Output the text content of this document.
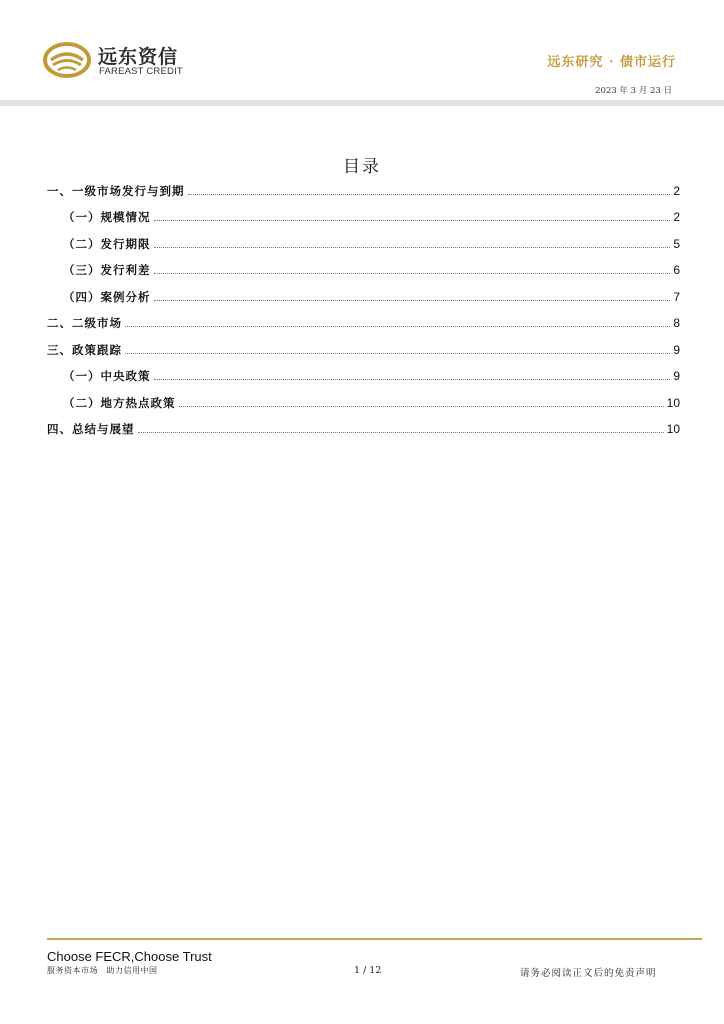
远东资信
FAREAST CREDIT
远东研究 · 债市运行
2023 年 3 月 23 日
目录
一、一级市场发行与到期	2
（一）规模情况	2
（二）发行期限	5
（三）发行利差	6
（四）案例分析	7
二、二级市场	8
三、政策跟踪	9
（一）中央政策	9
（二）地方热点政策	10
四、总结与展望	10
Choose FECR,Choose Trust
服务资本市场　助力信用中国	1 / 12	请务必阅读正文后的免责声明
